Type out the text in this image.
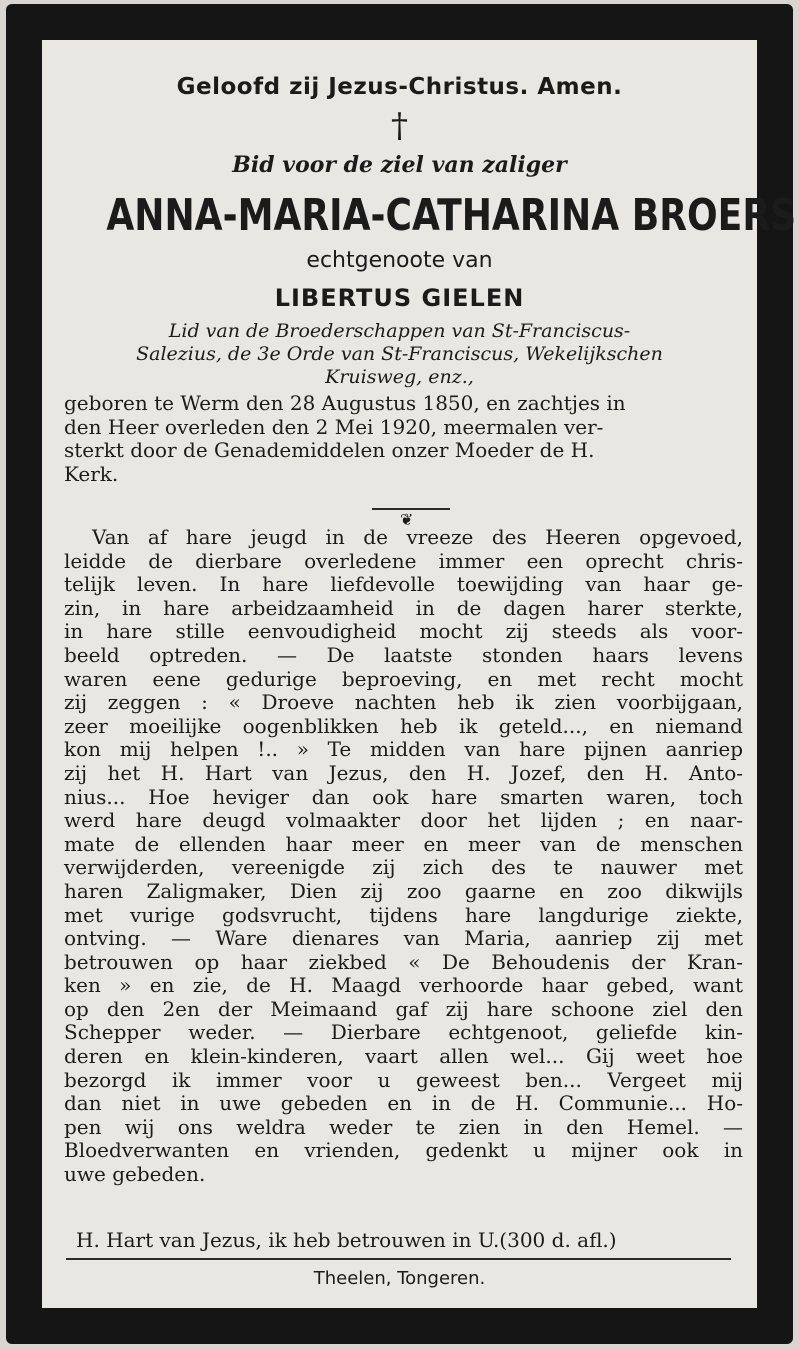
Geloofd zij Jezus-Christus. Amen.
†
Bid voor de ziel van zaliger
ANNA-MARIA-CATHARINA BROERS
echtgenoote van
LIBERTUS GIELEN
Lid van de Broederschappen van St-Franciscus-
Salezius, de 3e Orde van St-Franciscus, Wekelijkschen
Kruisweg, enz.,
geboren te Werm den 28 Augustus 1850, en zachtjes in
den Heer overleden den 2 Mei 1920, meermalen ver-
sterkt door de Genademiddelen onzer Moeder de H.
Kerk.
❦
Van af hare jeugd in de vreeze des Heeren opgevoed,
leidde de dierbare overledene immer een oprecht chris-
telijk leven. In hare liefdevolle toewijding van haar ge-
zin, in hare arbeidzaamheid in de dagen harer sterkte,
in hare stille eenvoudigheid mocht zij steeds als voor-
beeld optreden. — De laatste stonden haars levens
waren eene gedurige beproeving, en met recht mocht
zij zeggen : « Droeve nachten heb ik zien voorbijgaan,
zeer moeilijke oogenblikken heb ik geteld..., en niemand
kon mij helpen !.. » Te midden van hare pijnen aanriep
zij het H. Hart van Jezus, den H. Jozef, den H. Anto-
nius... Hoe heviger dan ook hare smarten waren, toch
werd hare deugd volmaakter door het lijden ; en naar-
mate de ellenden haar meer en meer van de menschen
verwijderden, vereenigde zij zich des te nauwer met
haren Zaligmaker, Dien zij zoo gaarne en zoo dikwijls
met vurige godsvrucht, tijdens hare langdurige ziekte,
ontving. — Ware dienares van Maria, aanriep zij met
betrouwen op haar ziekbed « De Behoudenis der Kran-
ken » en zie, de H. Maagd verhoorde haar gebed, want
op den 2en der Meimaand gaf zij hare schoone ziel den
Schepper weder. — Dierbare echtgenoot, geliefde kin-
deren en klein-kinderen, vaart allen wel... Gij weet hoe
bezorgd ik immer voor u geweest ben... Vergeet mij
dan niet in uwe gebeden en in de H. Communie... Ho-
pen wij ons weldra weder te zien in den Hemel. —
Bloedverwanten en vrienden, gedenkt u mijner ook in
uwe gebeden.
H. Hart van Jezus, ik heb betrouwen in U.(300 d. afl.)
Theelen, Tongeren.
